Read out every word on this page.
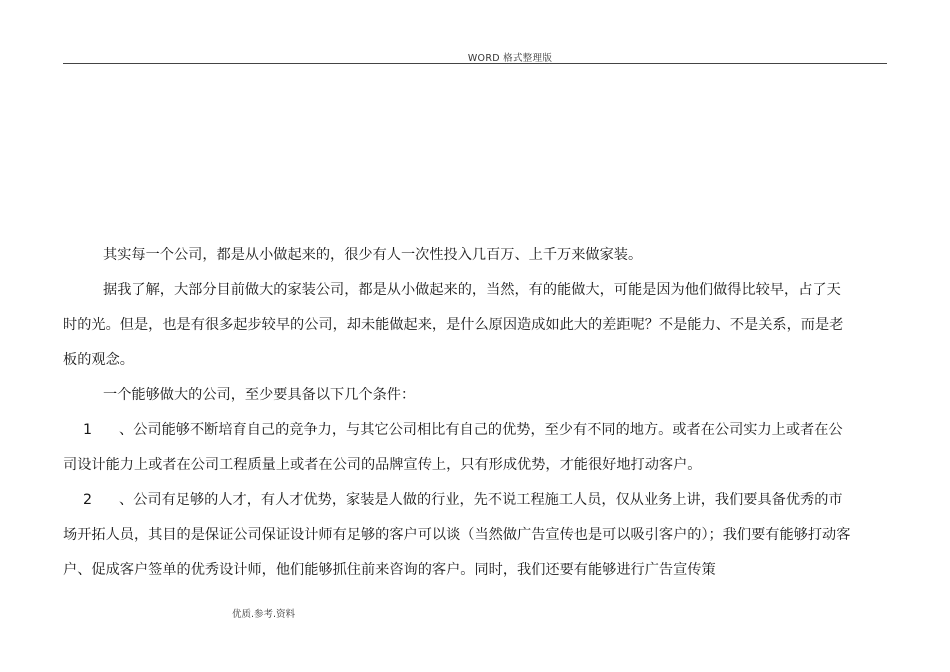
WORD 格式整理版

其实每一个公司，都是从小做起来的，很少有人一次性投入几百万、上千万来做家装。

据我了解，大部分目前做大的家装公司，都是从小做起来的，当然，有的能做大，可能是因为他们做得比较早，占了天时的光。但是，也是有很多起步较早的公司，却未能做起来，是什么原因造成如此大的差距呢？不是能力、不是关系，而是老板的观念。

一个能够做大的公司，至少要具备以下几个条件：

1 、公司能够不断培育自己的竞争力，与其它公司相比有自己的优势，至少有不同的地方。或者在公司实力上或者在公司设计能力上或者在公司工程质量上或者在公司的品牌宣传上，只有形成优势，才能很好地打动客户。

2 、公司有足够的人才，有人才优势，家装是人做的行业，先不说工程施工人员，仅从业务上讲，我们要具备优秀的市场开拓人员，其目的是保证公司保证设计师有足够的客户可以谈（当然做广告宣传也是可以吸引客户的）；我们要有能够打动客户、促成客户签单的优秀设计师，他们能够抓住前来咨询的客户。同时，我们还要有能够进行广告宣传策

优质.参考.资料
